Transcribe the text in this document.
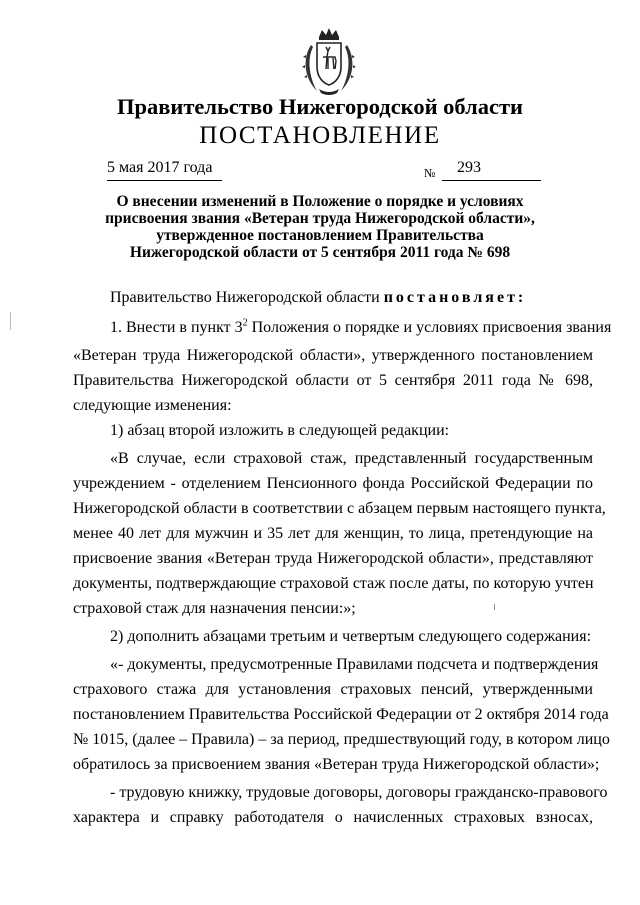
Правительство Нижегородской области
ПОСТАНОВЛЕНИЕ
5 мая 2017 года	№ 293
О внесении изменений в Положение о порядке и условиях
присвоения звания «Ветеран труда Нижегородской области»,
утвержденное постановлением Правительства
Нижегородской области от 5 сентября 2011 года № 698
Правительство Нижегородской области постановляет:
1. Внести в пункт $3^2$ Положения о порядке и условиях присвоения звания
«Ветеран труда Нижегородской области», утвержденного постановлением
Правительства Нижегородской области от 5 сентября 2011 года № 698,
следующие изменения:
1) абзац второй изложить в следующей редакции:
«В случае, если страховой стаж, представленный государственным
учреждением - отделением Пенсионного фонда Российской Федерации по
Нижегородской области в соответствии с абзацем первым настоящего пункта,
менее 40 лет для мужчин и 35 лет для женщин, то лица, претендующие на
присвоение звания «Ветеран труда Нижегородской области», представляют
документы, подтверждающие страховой стаж после даты, по которую учтен
страховой стаж для назначения пенсии:»;
2) дополнить абзацами третьим и четвертым следующего содержания:
«- документы, предусмотренные Правилами подсчета и подтверждения
страхового стажа для установления страховых пенсий, утвержденными
постановлением Правительства Российской Федерации от 2 октября 2014 года
№ 1015, (далее – Правила) – за период, предшествующий году, в котором лицо
обратилось за присвоением звания «Ветеран труда Нижегородской области»;
- трудовую книжку, трудовые договоры, договоры гражданско-правового
характера и справку работодателя о начисленных страховых взносах,
